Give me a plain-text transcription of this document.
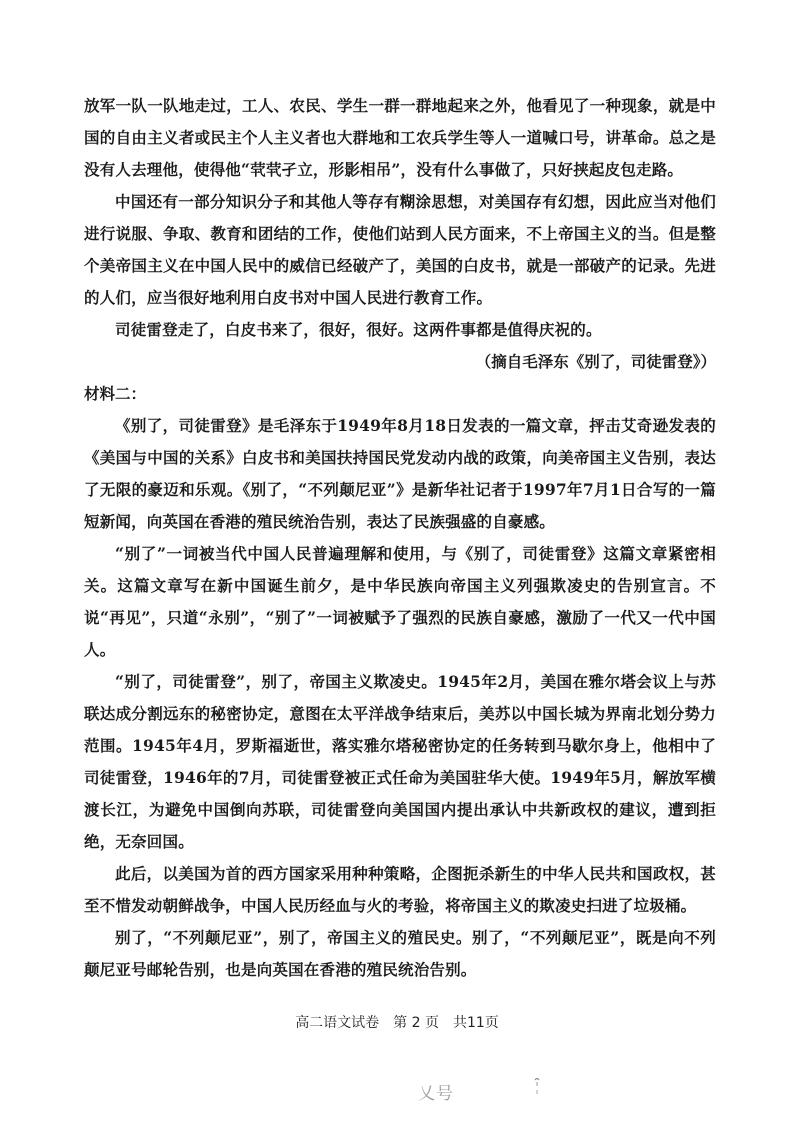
放军一队一队地走过，工人、农民、学生一群一群地起来之外，他看见了一种现象，就是中国的自由主义者或民主个人主义者也大群地和工农兵学生等人一道喊口号，讲革命。总之是没有人去理他，使得他“茕茕孑立，形影相吊”，没有什么事做了，只好挟起皮包走路。

中国还有一部分知识分子和其他人等存有糊涂思想，对美国存有幻想，因此应当对他们进行说服、争取、教育和团结的工作，使他们站到人民方面来，不上帝国主义的当。但是整个美帝国主义在中国人民中的威信已经破产了，美国的白皮书，就是一部破产的记录。先进的人们，应当很好地利用白皮书对中国人民进行教育工作。

司徒雷登走了，白皮书来了，很好，很好。这两件事都是值得庆祝的。

（摘自毛泽东《别了，司徒雷登》）

材料二：

《别了，司徒雷登》是毛泽东于1949年8月18日发表的一篇文章，抨击艾奇逊发表的《美国与中国的关系》白皮书和美国扶持国民党发动内战的政策，向美帝国主义告别，表达了无限的豪迈和乐观。《别了，“不列颠尼亚”》是新华社记者于1997年7月1日合写的一篇短新闻，向英国在香港的殖民统治告别，表达了民族强盛的自豪感。

“别了”一词被当代中国人民普遍理解和使用，与《别了，司徒雷登》这篇文章紧密相关。这篇文章写在新中国诞生前夕，是中华民族向帝国主义列强欺凌史的告别宣言。不说“再见”，只道“永别”，“别了”一词被赋予了强烈的民族自豪感，激励了一代又一代中国人。

“别了，司徒雷登”，别了，帝国主义欺凌史。1945年2月，美国在雅尔塔会议上与苏联达成分割远东的秘密协定，意图在太平洋战争结束后，美苏以中国长城为界南北划分势力范围。1945年4月，罗斯福逝世，落实雅尔塔秘密协定的任务转到马歇尔身上，他相中了司徒雷登，1946年的7月，司徒雷登被正式任命为美国驻华大使。1949年5月，解放军横渡长江，为避免中国倒向苏联，司徒雷登向美国国内提出承认中共新政权的建议，遭到拒绝，无奈回国。

此后，以美国为首的西方国家采用种种策略，企图扼杀新生的中华人民共和国政权，甚至不惜发动朝鲜战争，中国人民历经血与火的考验，将帝国主义的欺凌史扫进了垃圾桶。

别了，“不列颠尼亚”，别了，帝国主义的殖民史。别了，“不列颠尼亚”，既是向不列颠尼亚号邮轮告别，也是向英国在香港的殖民统治告别。

高二语文试卷　第 2 页　共11页
乂号
